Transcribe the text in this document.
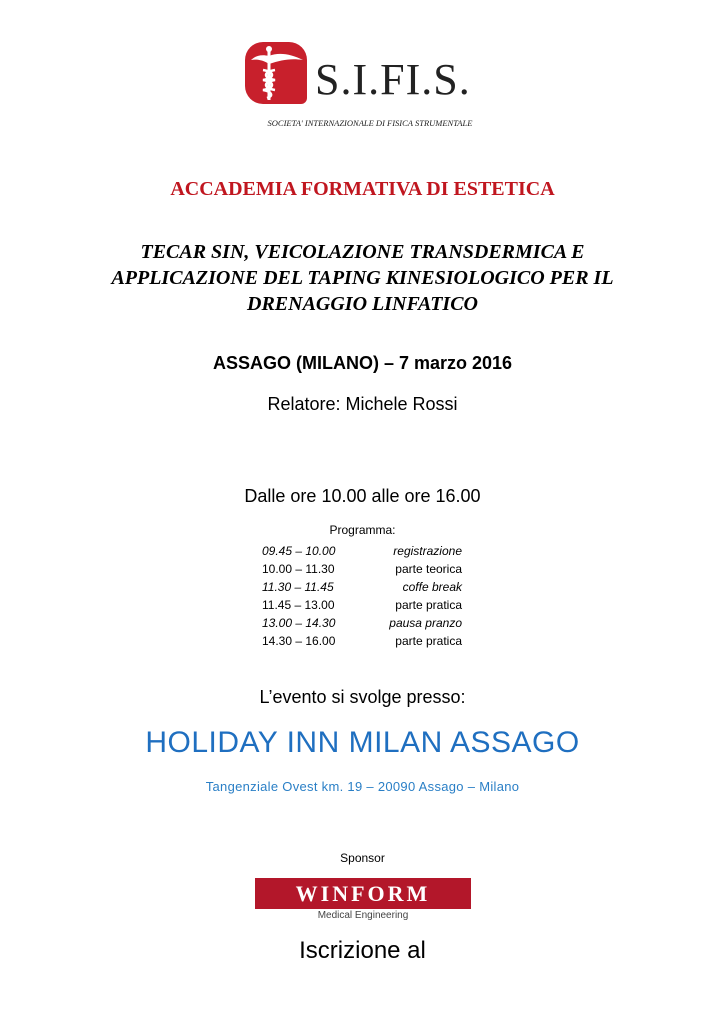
S.I.FI.S.
SOCIETA' INTERNAZIONALE DI FISICA STRUMENTALE
ACCADEMIA FORMATIVA DI ESTETICA
TECAR SIN, VEICOLAZIONE TRANSDERMICA E
APPLICAZIONE DEL TAPING KINESIOLOGICO PER IL
DRENAGGIO LINFATICO
ASSAGO (MILANO) – 7 marzo 2016
Relatore: Michele Rossi
Dalle ore 10.00 alle ore 16.00
Programma:
09.45 – 10.00	registrazione
10.00 – 11.30	parte teorica
11.30 – 11.45	coffe break
11.45 – 13.00	parte pratica
13.00 – 14.30	pausa pranzo
14.30 – 16.00	parte pratica
L’evento si svolge presso:
HOLIDAY INN MILAN ASSAGO
Tangenziale Ovest km. 19 – 20090 Assago – Milano
Sponsor
WINFORM
Medical Engineering
Iscrizione al
